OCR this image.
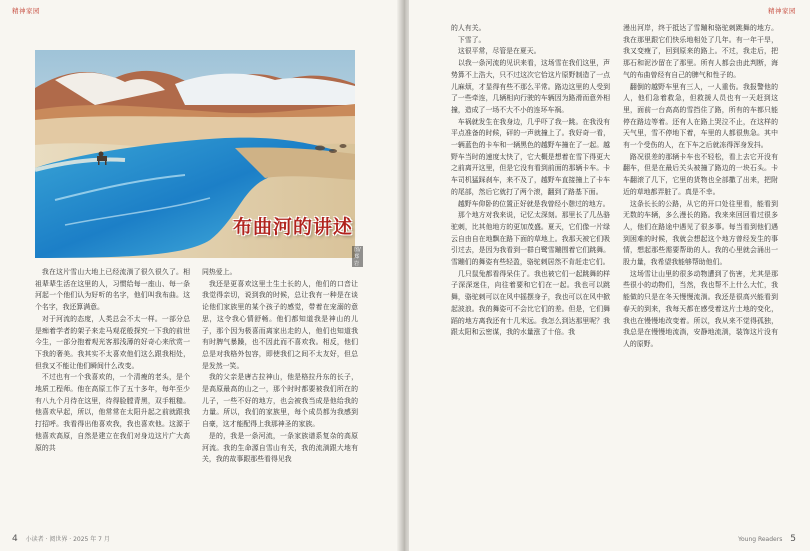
精神家园
布曲河的讲述
图/郑岩

我在这片雪山大地上已经流淌了很久很久了。相祖辈辈生活在这里的人，习惯给每一座山、每一条河起一个他们认为好听的名字，他们叫我布曲。这个名字，我还算满意。

对于河流的态度，人类总会不太一样。一部分总是痴着学者的架子来走马观花般探究一下我的前世今生，一部分抱着观光客那浅薄的好奇心来欣赏一下我的奢美。我其实不太喜欢他们这么跟我相处，但我又不能让他们瞬间什么改变。

不过也有一个我喜欢的，一个清瘦的老头，是个地质工程师。他在高原工作了五十多年，每年至少有八九个月待在这里，待得脸膛青黑，双手粗糙。他喜欢早起，所以，他常常在太阳升起之前就跟我打招呼。我看得出他喜欢我，我也喜欢他。这源于他喜欢高原，自然是建立在我们对身边这片广大高原的共

同热爱上。

我还是更喜欢这里土生土长的人，他们的口音让我觉得亲切，说到我的时候，总让我有一种是在谈论他们家族里的某个孩子的感觉，带着在宠溺的意思，这令我心情舒畅。他们都知道我是神山的儿子，那个因为极喜而离家出走的人，他们也知道我有时脾气暴躁，也不因此而不喜欢我。相反，他们总是对我格外包容，即使我们之间不太友好，但总是发然一笑。

我的父亲是唐古拉神山，他是格拉丹东的长子，是高原最高的山之一，那个时时都要被我们所在的儿子，一些不好的地方，也会被我当成是他给我的力量。所以，我们的家族里，每个成员都为我感到自豪，这才能配得上我那神圣的家族。

是的，我是一条河流，一条家族谱系复杂的高原河流。我的生命源自雪山有关，我的流淌跟大地有关，我的故事跟那些看得见我

4 小读者 · 阅世界 · 2025 年 7 月
精神家园

的人有关。

下雪了。

这很平常，尽管是在夏天。

以我一条河流的见识来看，这场雪在我们这里，声势算不上浩大，只不过这次它恰这片原野制造了一点儿麻烦，才显得有些不那么平常。路边这里的人受到了一些牵连，几辆相向行驶的车辆因为路滑而意外相撞，造成了一场不大不小的连环车祸。

车祸就发生在我身边，几乎吓了我一跳。在我没有平点准备的时候，砰的一声就撞上了。我好奇一看，一辆蓝色的卡车和一辆黑色的越野车撞在了一起。越野车当时的速度太快了，它大概是想着在雪下得更大之前离开这里，但是它没有看到前面的那辆卡车。卡车司机猛踩刹车，来不及了，越野车直接撞上了卡车的尾部，然后它就打了两个滚，翻到了路基下面。

越野车仰卧的位置正好就是我曾经小憩过的地方。

那个地方对我来说，记忆太深刻。那里长了几丛骆驼刺，比其他地方的更加茂盛。夏天，它们像一片绿云自由自在地飘在路下面的草地上。我那天被它们吸引过去，是因为我看到一群白鹭雪蹦围着它们跳舞。雪蹦们的舞姿有些轻盈，骆驼刺居然不肯赶走它们。

几只鼠兔都看得呆住了。我也被它们一起跳舞的样子深深迷住，向往着要和它们在一起。我也可以跳舞，骆驼刺可以在风中摇摆身子，我也可以在风中掀起波浪。我的舞姿可不会比它们的差。但是，它们舞蹈的地方离我还有十几米远。我怎么到达那里呢？我跟太阳和云密谋，我的水量涨了十倍。我

漫出河岸，终于抵达了雪蹦和骆驼刺跳舞的地方。我在那里跟它们快乐地相处了几年。有一年干旱，我又变瘦了，回到原来的路上。不过，我走后，把那石和泥沙留在了那里。所有人都会由此判断，海气的布曲曾经有自己的脾气和性子的。

翻倒的越野车里有三人，一人重伤。我报警他的人，他们急着救急，但救援人员也有一天赶到这里，面前一台高高的雪挡住了路，所有的车都只能停在路边等着。还有人在路上哭泣不止，在这样的天气里，雪不停地下着，车里的人都很焦急。其中有一个受伤的人，在下车之后就冻得浑身发抖。

路况很差的那辆卡车也不轻松，看上去它开没有翻车，但是在最后关头被撞了路边的一块石头。卡车翻滚了几下，它里的货物也全部撒了出来，把附近的草地都弄脏了。真是不幸。

这条长长的公路，从它的开口处往里看，能看到无数的车辆，多么漫长的路。我来来回回看过很多人，他们在路途中遇见了很多事。每当看到他们遇到困难的时候，我就会想起这个地方曾经发生的事情，想起那些需要帮助的人。我的心里就会涌出一股力量，我希望我能够帮助他们。

这场雪让山里的很多动物遭到了伤害，尤其是那些很小的动物们，当然，我也帮不上什么大忙，我能做的只是在冬天慢慢流淌。我还是很高兴能看到春天的到来，我每天都在感受着这片土地的变化，我也在慢慢地改变着。所以，我从来不觉得孤独，我总是在慢慢地流淌，安静地流淌，装饰这片没有人的原野。

Young Readers 5
